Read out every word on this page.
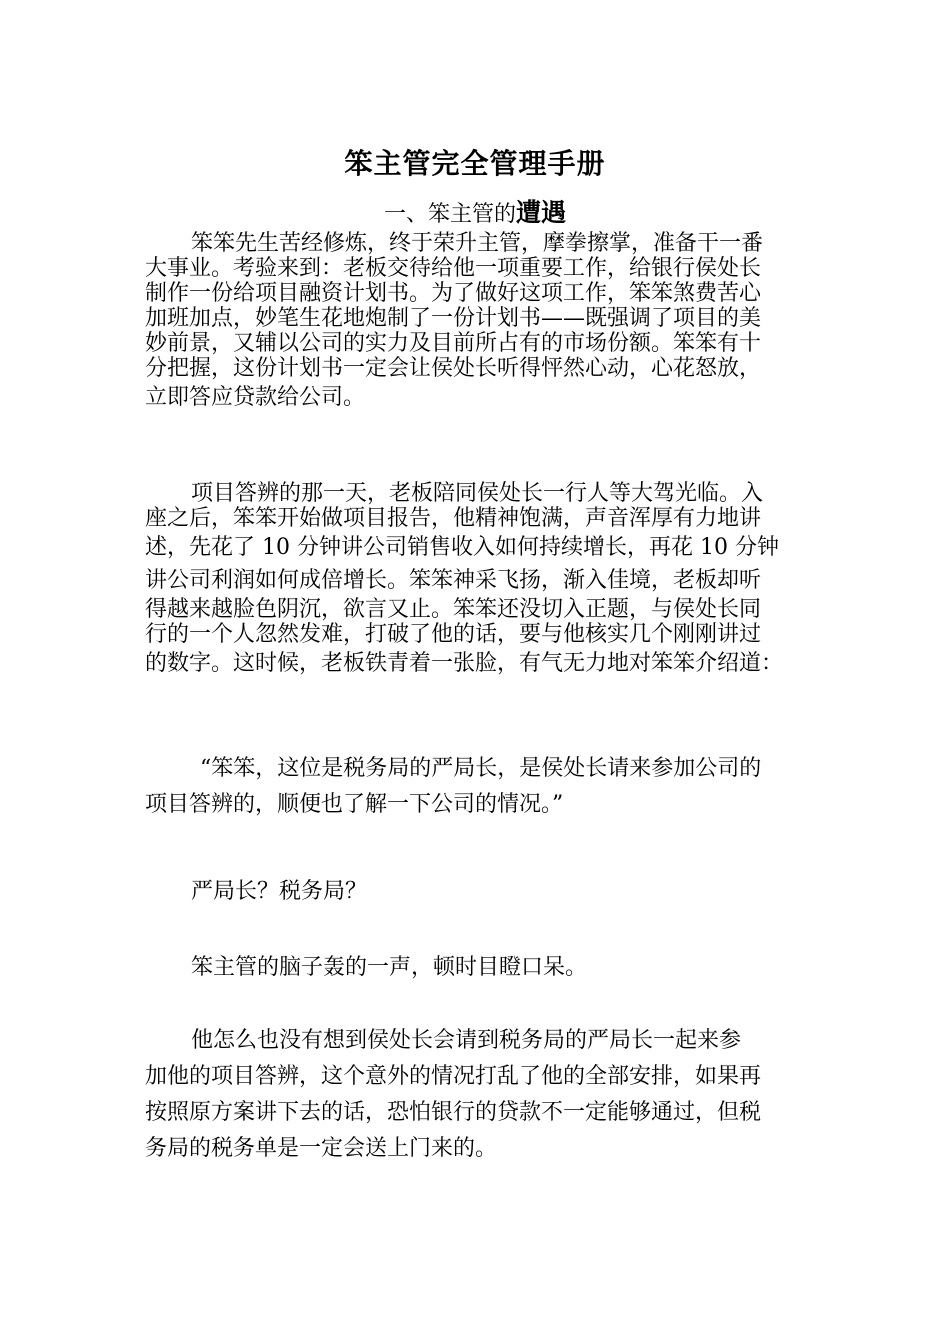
笨主管完全管理手册
一、笨主管的遭遇
笨笨先生苦经修炼，终于荣升主管，摩拳擦掌，准备干一番
大事业。考验来到：老板交待给他一项重要工作，给银行侯处长
制作一份给项目融资计划书。为了做好这项工作，笨笨煞费苦心
加班加点，妙笔生花地炮制了一份计划书——既强调了项目的美
妙前景，又辅以公司的实力及目前所占有的市场份额。笨笨有十
分把握，这份计划书一定会让侯处长听得怦然心动，心花怒放，
立即答应贷款给公司。
项目答辨的那一天，老板陪同侯处长一行人等大驾光临。入
座之后，笨笨开始做项目报告，他精神饱满，声音浑厚有力地讲
述，先花了 10 分钟讲公司销售收入如何持续增长，再花 10 分钟
讲公司利润如何成倍增长。笨笨神采飞扬，渐入佳境，老板却听
得越来越脸色阴沉，欲言又止。笨笨还没切入正题，与侯处长同
行的一个人忽然发难，打破了他的话，要与他核实几个刚刚讲过
的数字。这时候，老板铁青着一张脸，有气无力地对笨笨介绍道：
“笨笨，这位是税务局的严局长，是侯处长请来参加公司的
项目答辨的，顺便也了解一下公司的情况。”
严局长？税务局？
笨主管的脑子轰的一声，顿时目瞪口呆。
他怎么也没有想到侯处长会请到税务局的严局长一起来参
加他的项目答辨，这个意外的情况打乱了他的全部安排，如果再
按照原方案讲下去的话，恐怕银行的贷款不一定能够通过，但税
务局的税务单是一定会送上门来的。
